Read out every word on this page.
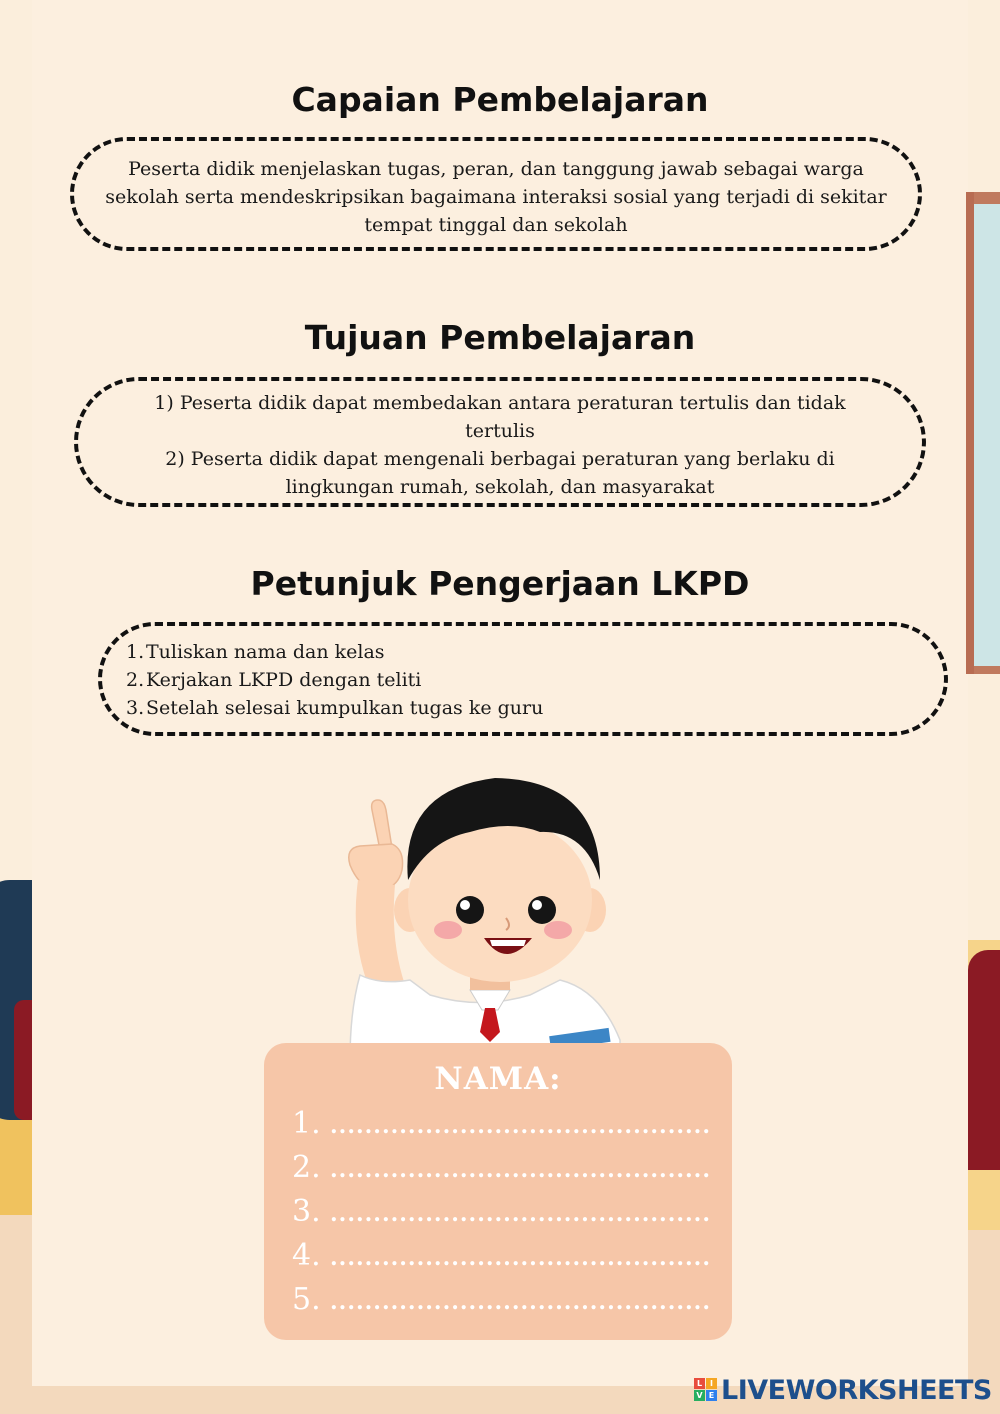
Capaian Pembelajaran
Peserta didik menjelaskan tugas, peran, dan tanggung jawab sebagai warga sekolah serta mendeskripsikan bagaimana interaksi sosial yang terjadi di sekitar tempat tinggal dan sekolah
Tujuan Pembelajaran
1) Peserta didik dapat membedakan antara peraturan tertulis dan tidak tertulis
2) Peserta didik dapat mengenali berbagai peraturan yang berlaku di lingkungan rumah, sekolah, dan masyarakat
Petunjuk Pengerjaan LKPD
1.Tuliskan nama dan kelas
2.Kerjakan LKPD dengan teliti
3.Setelah selesai kumpulkan tugas ke guru
NAMA:
1. ............................................
2. ............................................
3. ............................................
4. ............................................
5. ............................................
L I
V E LIVEWORKSHEETS
